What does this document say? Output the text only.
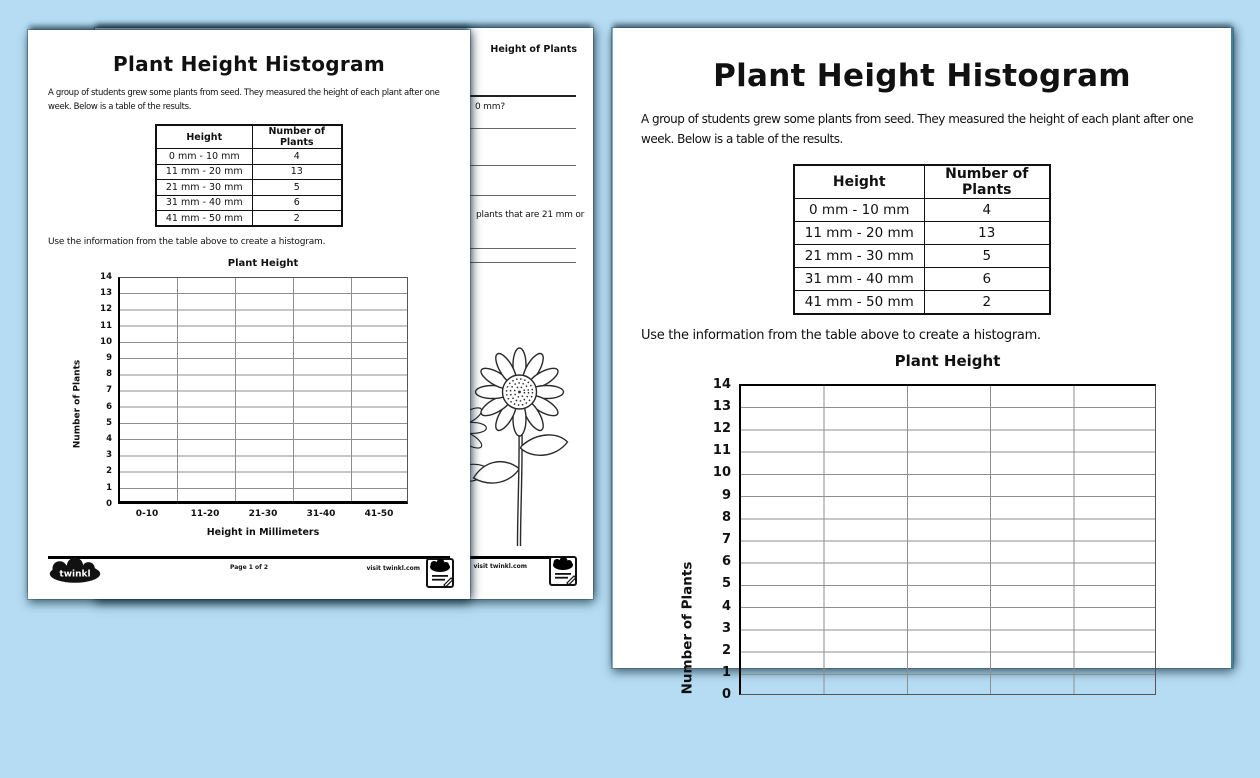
Height of Plants
0 mm?
plants that are 21 mm or
visit twinkl.com
Plant Height Histogram
A group of students grew some plants from seed. They measured the height of each plant after one
week. Below is a table of the results.
Height	Number of Plants
0 mm - 10 mm	4
11 mm - 20 mm	13
21 mm - 30 mm	5
31 mm - 40 mm	6
41 mm - 50 mm	2
Use the information from the table above to create a histogram.
Plant Height
14
13
12
11
10
9
8
7
6
5
4
3
2
1
0
0-10	11-20	21-30	31-40	41-50
Height in Millimeters
Number of Plants
twinkl
Page 1 of 2	visit twinkl.com
Plant Height Histogram
A group of students grew some plants from seed. They measured the height of each plant after one
week. Below is a table of the results.
Height	Number of Plants
0 mm - 10 mm	4
11 mm - 20 mm	13
21 mm - 30 mm	5
31 mm - 40 mm	6
41 mm - 50 mm	2
Use the information from the table above to create a histogram.
Plant Height
14
13
12
11
10
9
8
7
6
5
4
3
2
1
0
Number of Plants
